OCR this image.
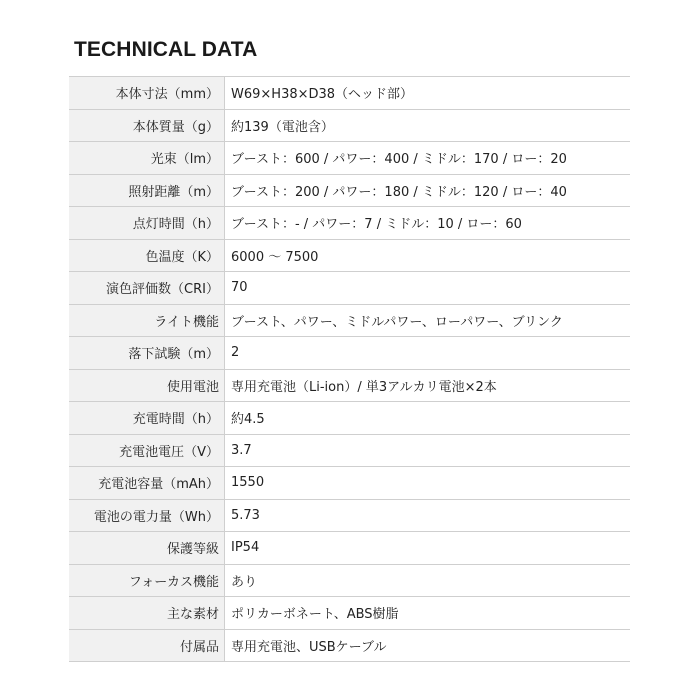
TECHNICAL DATA
本体寸法（mm）	W69×H38×D38（ヘッド部）
本体質量（g）	約139（電池含）
光束（lm）	ブースト：600 / パワー：400 / ミドル：170 / ロー：20
照射距離（m）	ブースト：200 / パワー：180 / ミドル：120 / ロー：40
点灯時間（h）	ブースト：- / パワー：7 / ミドル：10 / ロー：60
色温度（K）	6000 〜 7500
演色評価数（CRI）	70
ライト機能	ブースト、パワー、ミドルパワー、ローパワー、ブリンク
落下試験（m）	2
使用電池	専用充電池（Li-ion）/ 単3アルカリ電池×2本
充電時間（h）	約4.5
充電池電圧（V）	3.7
充電池容量（mAh）	1550
電池の電力量（Wh）	5.73
保護等級	IP54
フォーカス機能	あり
主な素材	ポリカーボネート、ABS樹脂
付属品	専用充電池、USBケーブル
